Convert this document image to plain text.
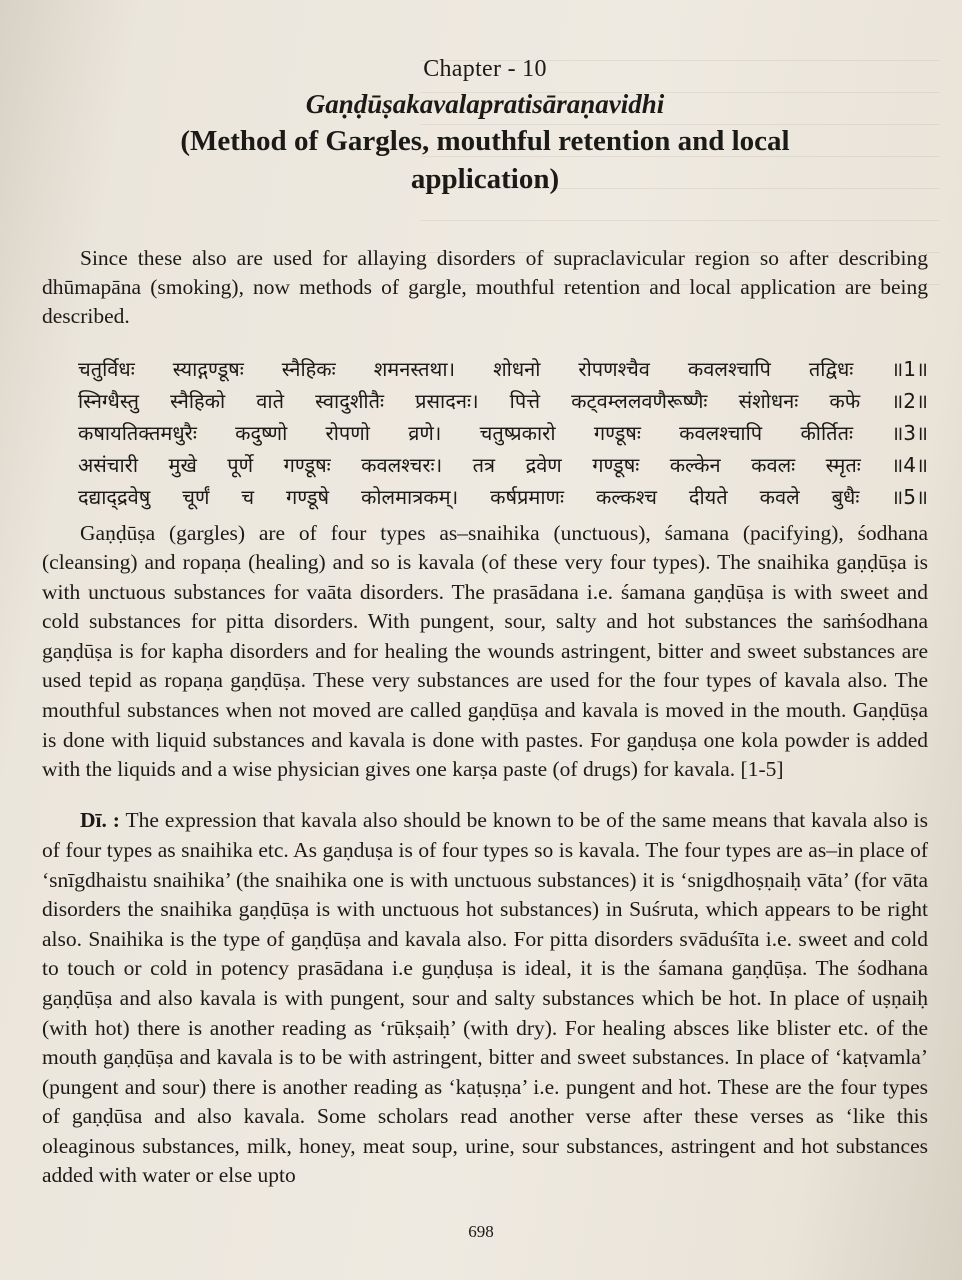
Chapter - 10
Gaṇḍūṣakavalapratisāraṇavidhi
(Method of Gargles, mouthful retention and local application)

Since these also are used for allaying disorders of supraclavicular region so after describing dhūmapāna (smoking), now methods of gargle, mouthful retention and local application are being described.

चतुर्विधः स्याद्गण्डूषः स्नैहिकः शमनस्तथा। शोधनो रोपणश्चैव कवलश्चापि तद्विधः ॥1॥
स्निग्धैस्तु स्नैहिको वाते स्वादुशीतैः प्रसादनः। पित्ते कट्वम्ललवणैरूष्णैः संशोधनः कफे ॥2॥
कषायतिक्तमधुरैः कदुष्णो रोपणो व्रणे। चतुष्प्रकारो गण्डूषः कवलश्चापि कीर्तितः ॥3॥
असंचारी मुखे पूर्णे गण्डूषः कवलश्चरः। तत्र द्रवेण गण्डूषः कल्केन कवलः स्मृतः ॥4॥
दद्याद्द्रवेषु चूर्णं च गण्डूषे कोलमात्रकम्। कर्षप्रमाणः कल्कश्च दीयते कवले बुधैः ॥5॥

Gaṇḍūṣa (gargles) are of four types as–snaihika (unctuous), śamana (pacifying), śodhana (cleansing) and ropaṇa (healing) and so is kavala (of these very four types). The snaihika gaṇḍūṣa is with unctuous substances for vaāta disorders. The prasādana i.e. śamana gaṇḍūṣa is with sweet and cold substances for pitta disorders. With pungent, sour, salty and hot substances the saṁśodhana gaṇḍūṣa is for kapha disorders and for healing the wounds astringent, bitter and sweet substances are used tepid as ropaṇa gaṇḍūṣa. These very substances are used for the four types of kavala also. The mouthful substances when not moved are called gaṇḍūṣa and kavala is moved in the mouth. Gaṇḍūṣa is done with liquid substances and kavala is done with pastes. For gaṇduṣa one kola powder is added with the liquids and a wise physician gives one karṣa paste (of drugs) for kavala. [1-5]

Dī. : The expression that kavala also should be known to be of the same means that kavala also is of four types as snaihika etc. As gaṇduṣa is of four types so is kavala. The four types are as–in place of ‘snīgdhaistu snaihika’ (the snaihika one is with unctuous substances) it is ‘snigdhoṣṇaiḥ vāta’ (for vāta disorders the snaihika gaṇḍūṣa is with unctuous hot substances) in Suśruta, which appears to be right also. Snaihika is the type of gaṇḍūṣa and kavala also. For pitta disorders svāduśīta i.e. sweet and cold to touch or cold in potency prasādana i.e guṇḍuṣa is ideal, it is the śamana gaṇḍūṣa. The śodhana gaṇḍūṣa and also kavala is with pungent, sour and salty substances which be hot. In place of uṣṇaiḥ (with hot) there is another reading as ‘rūkṣaiḥ’ (with dry). For healing absces like blister etc. of the mouth gaṇḍūṣa and kavala is to be with astringent, bitter and sweet substances. In place of ‘kaṭvamla’ (pungent and sour) there is another reading as ‘kaṭuṣṇa’ i.e. pungent and hot. These are the four types of gaṇḍūsa and also kavala. Some scholars read another verse after these verses as ‘like this oleaginous substances, milk, honey, meat soup, urine, sour substances, astringent and hot substances added with water or else upto

698
